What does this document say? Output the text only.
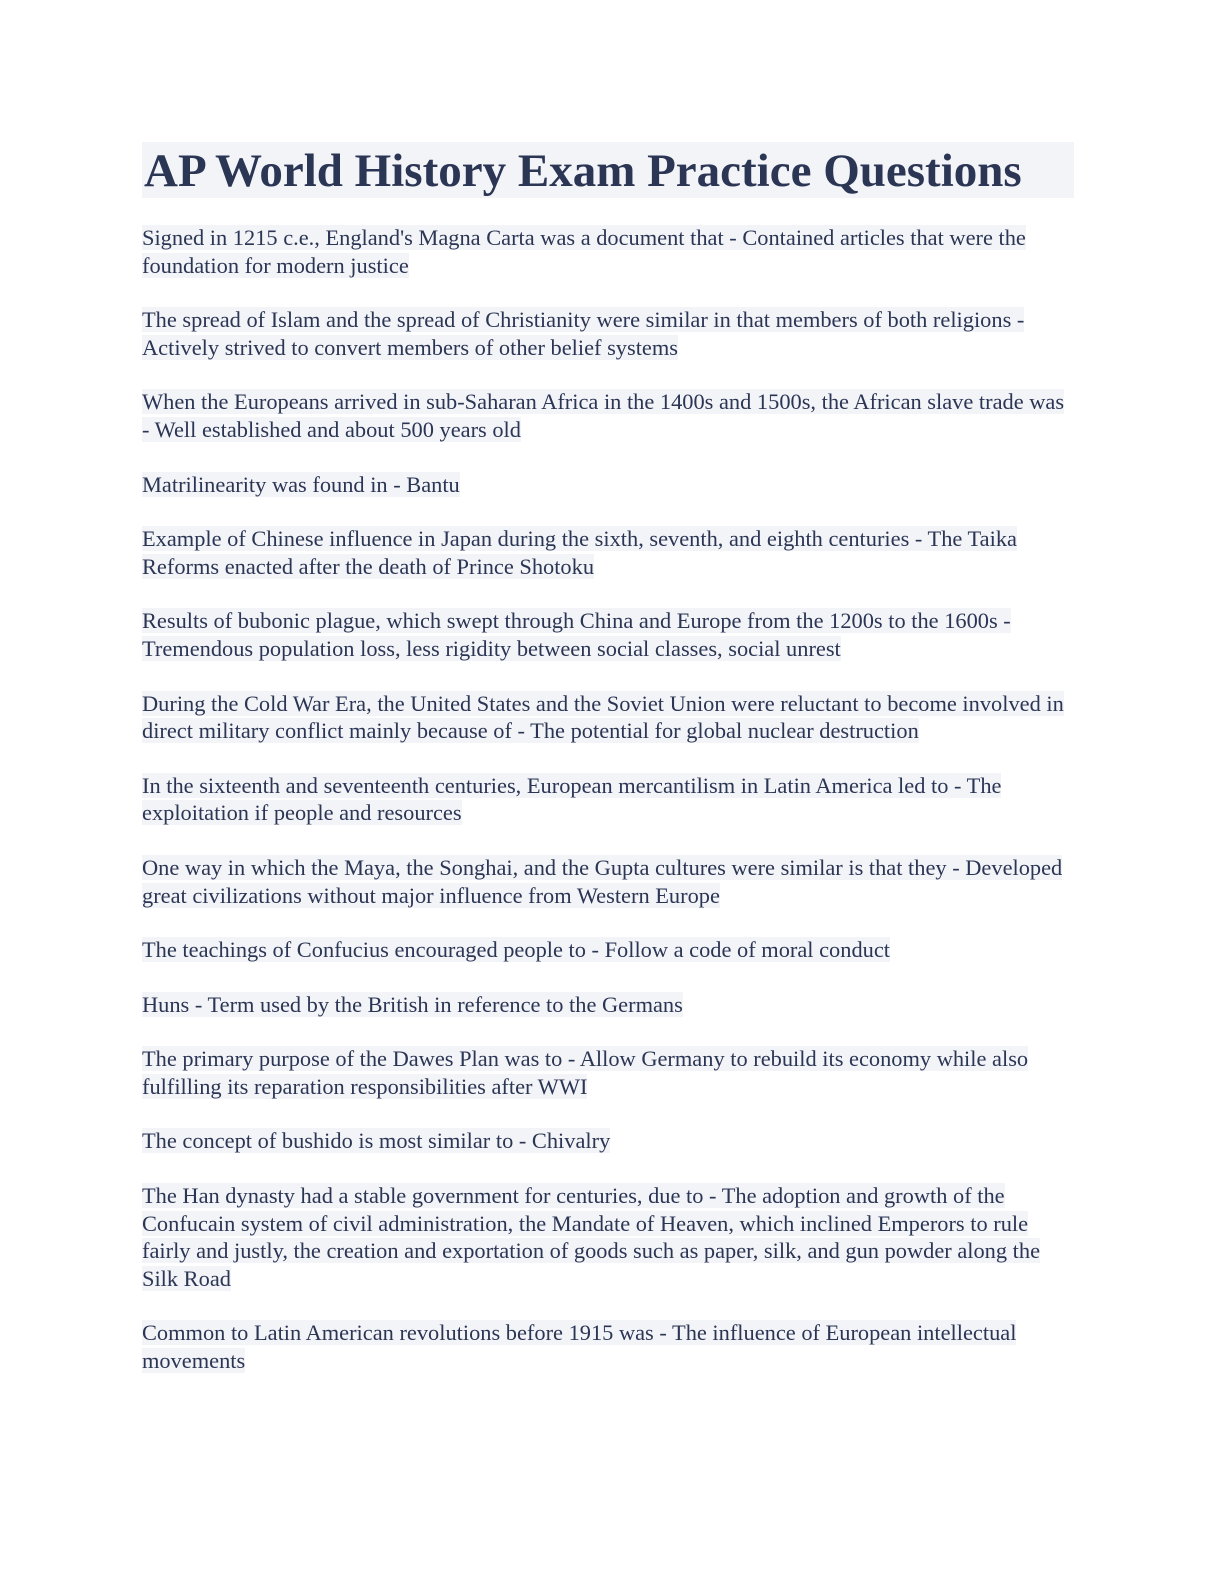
AP World History Exam Practice Questions
Signed in 1215 c.e., England's Magna Carta was a document that - Contained articles that were the foundation for modern justice
The spread of Islam and the spread of Christianity were similar in that members of both religions - Actively strived to convert members of other belief systems
When the Europeans arrived in sub-Saharan Africa in the 1400s and 1500s, the African slave trade was - Well established and about 500 years old
Matrilinearity was found in - Bantu
Example of Chinese influence in Japan during the sixth, seventh, and eighth centuries - The Taika Reforms enacted after the death of Prince Shotoku
Results of bubonic plague, which swept through China and Europe from the 1200s to the 1600s - Tremendous population loss, less rigidity between social classes, social unrest
During the Cold War Era, the United States and the Soviet Union were reluctant to become involved in direct military conflict mainly because of - The potential for global nuclear destruction
In the sixteenth and seventeenth centuries, European mercantilism in Latin America led to - The exploitation if people and resources
One way in which the Maya, the Songhai, and the Gupta cultures were similar is that they - Developed great civilizations without major influence from Western Europe
The teachings of Confucius encouraged people to - Follow a code of moral conduct
Huns - Term used by the British in reference to the Germans
The primary purpose of the Dawes Plan was to - Allow Germany to rebuild its economy while also fulfilling its reparation responsibilities after WWI
The concept of bushido is most similar to - Chivalry
The Han dynasty had a stable government for centuries, due to - The adoption and growth of the Confucain system of civil administration, the Mandate of Heaven, which inclined Emperors to rule fairly and justly, the creation and exportation of goods such as paper, silk, and gun powder along the Silk Road
Common to Latin American revolutions before 1915 was - The influence of European intellectual movements
